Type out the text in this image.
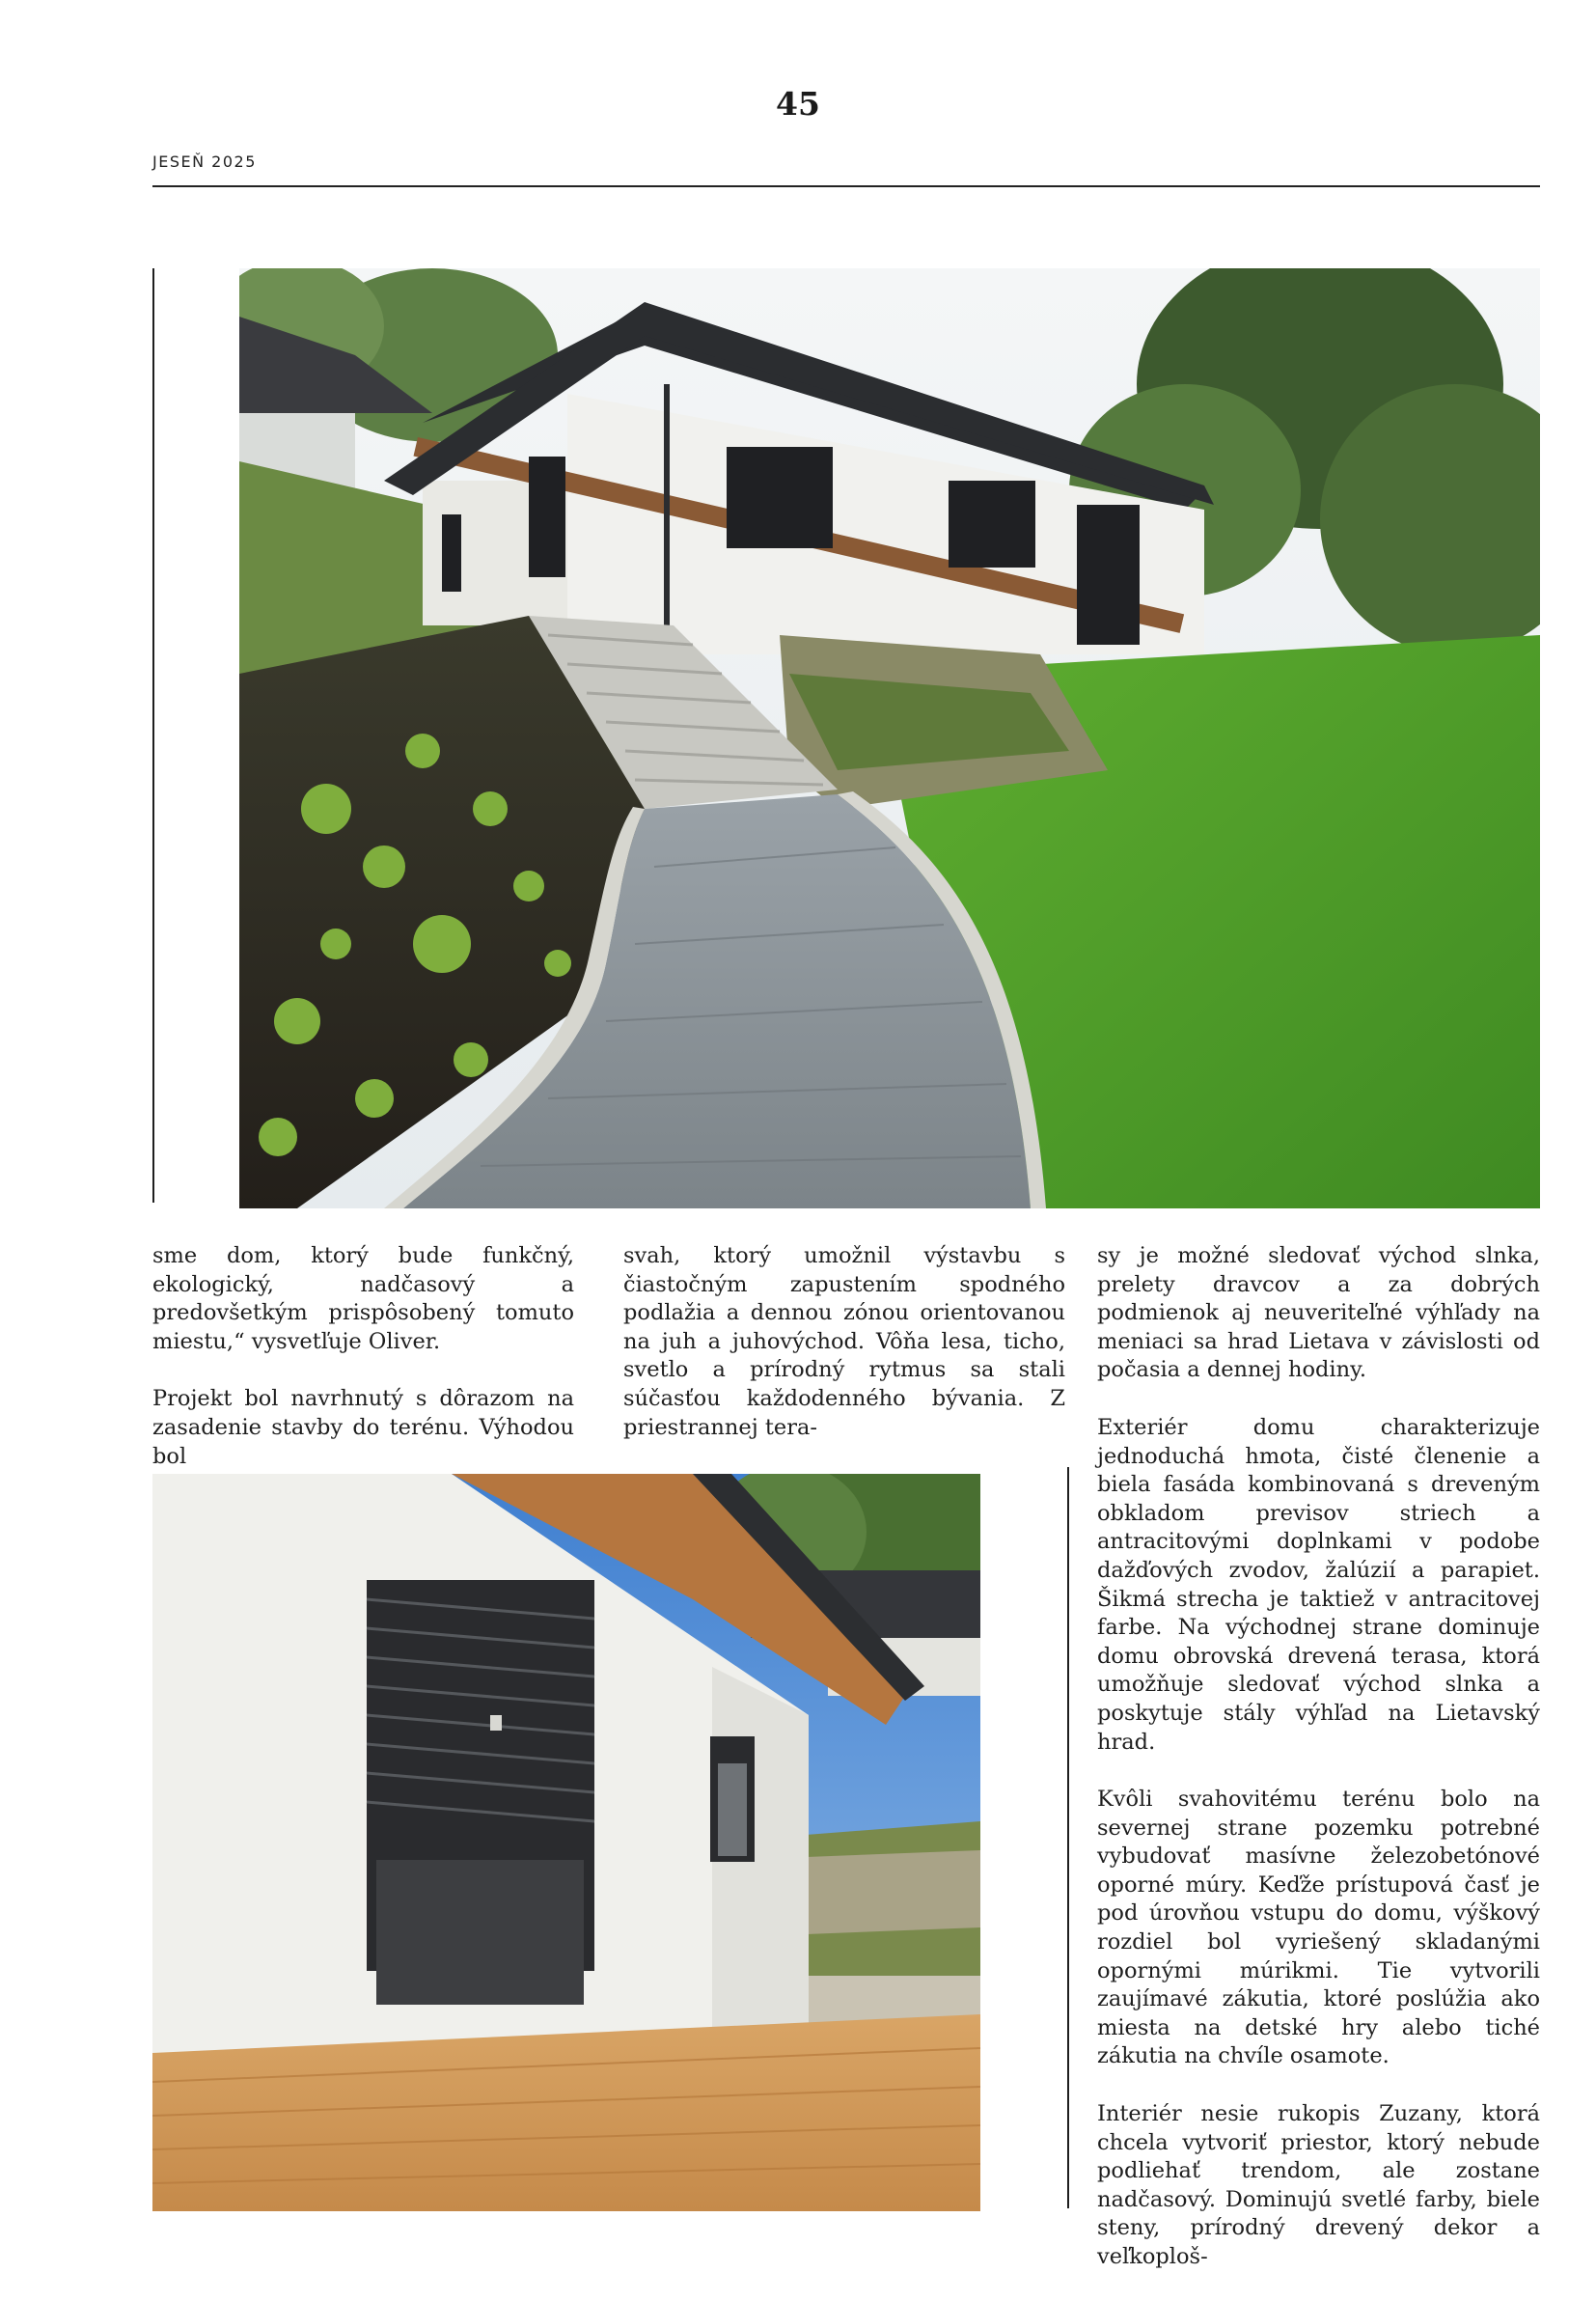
45
JESEŇ 2025

sme dom, ktorý bude funkčný, ekologický, nadčasový a predovšetkým prispôsobený tomuto miestu,“ vysvetľuje Oliver.

Projekt bol navrhnutý s dôrazom na zasadenie stavby do terénu. Výhodou bol

svah, ktorý umožnil výstavbu s čiastočným zapustením spodného podlažia a dennou zónou orientovanou na juh a juhovýchod. Vôňa lesa, ticho, svetlo a prírodný rytmus sa stali súčasťou každodenného bývania. Z priestrannej tera-

sy je možné sledovať východ slnka, prelety dravcov a za dobrých podmienok aj neuveriteľné výhľady na meniaci sa hrad Lietava v závislosti od počasia a dennej hodiny.

Exteriér domu charakterizuje jednoduchá hmota, čisté členenie a biela fasáda kombinovaná s dreveným obkladom previsov striech a antracitovými doplnkami v podobe dažďových zvodov, žalúzií a parapiet. Šikmá strecha je taktiež v antracitovej farbe. Na východnej strane dominuje domu obrovská drevená terasa, ktorá umožňuje sledovať východ slnka a poskytuje stály výhľad na Lietavský hrad.

Kvôli svahovitému terénu bolo na severnej strane pozemku potrebné vybudovať masívne železobetónové oporné múry. Keďže prístupová časť je pod úrovňou vstupu do domu, výškový rozdiel bol vyriešený skladanými opornými múrikmi. Tie vytvorili zaujímavé zákutia, ktoré poslúžia ako miesta na detské hry alebo tiché zákutia na chvíle osamote.

Interiér nesie rukopis Zuzany, ktorá chcela vytvoriť priestor, ktorý nebude podliehať trendom, ale zostane nadčasový. Dominujú svetlé farby, biele steny, prírodný drevený dekor a veľkoploš-
